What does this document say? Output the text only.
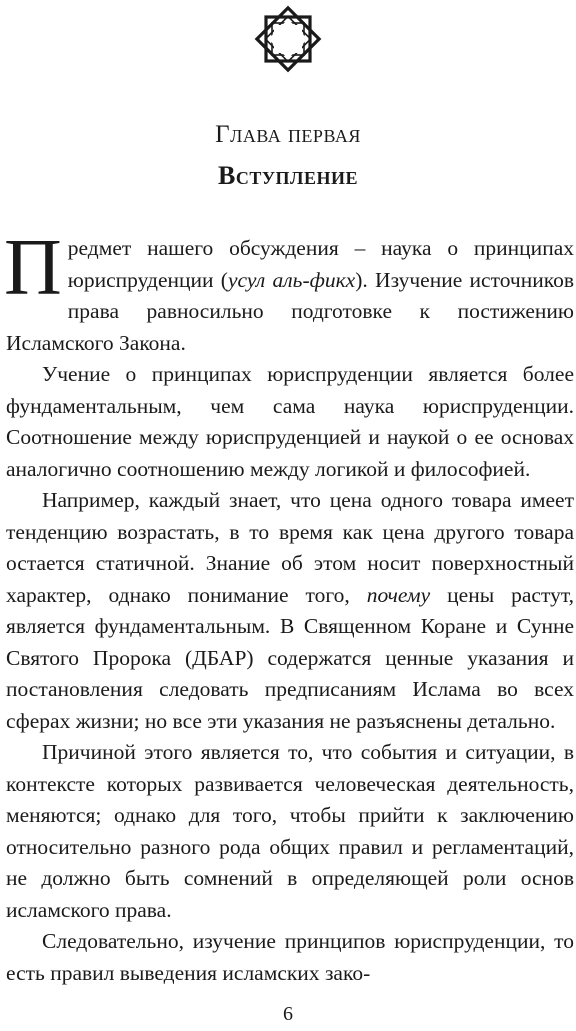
Глава первая
Вступление

Предмет нашего обсуждения – наука о принципах юриспруденции (усул аль-фикх). Изучение источников права равносильно подготовке к постижению Исламского Закона.

Учение о принципах юриспруденции является более фундаментальным, чем сама наука юриспруденции. Соотношение между юриспруденцией и наукой о ее основах аналогично соотношению между логикой и философией.

Например, каждый знает, что цена одного товара имеет тенденцию возрастать, в то время как цена другого товара остается статичной. Знание об этом носит поверхностный характер, однако понимание того, почему цены растут, является фундаментальным. В Священном Коране и Сунне Святого Пророка (ДБАР) содержатся ценные указания и постановления следовать предписаниям Ислама во всех сферах жизни; но все эти указания не разъяснены детально.

Причиной этого является то, что события и ситуации, в контексте которых развивается человеческая деятельность, меняются; однако для того, чтобы прийти к заключению относительно разного рода общих правил и регламентаций, не должно быть сомнений в определяющей роли основ исламского права.

Следовательно, изучение принципов юриспруденции, то есть правил выведения исламских зако-

6
